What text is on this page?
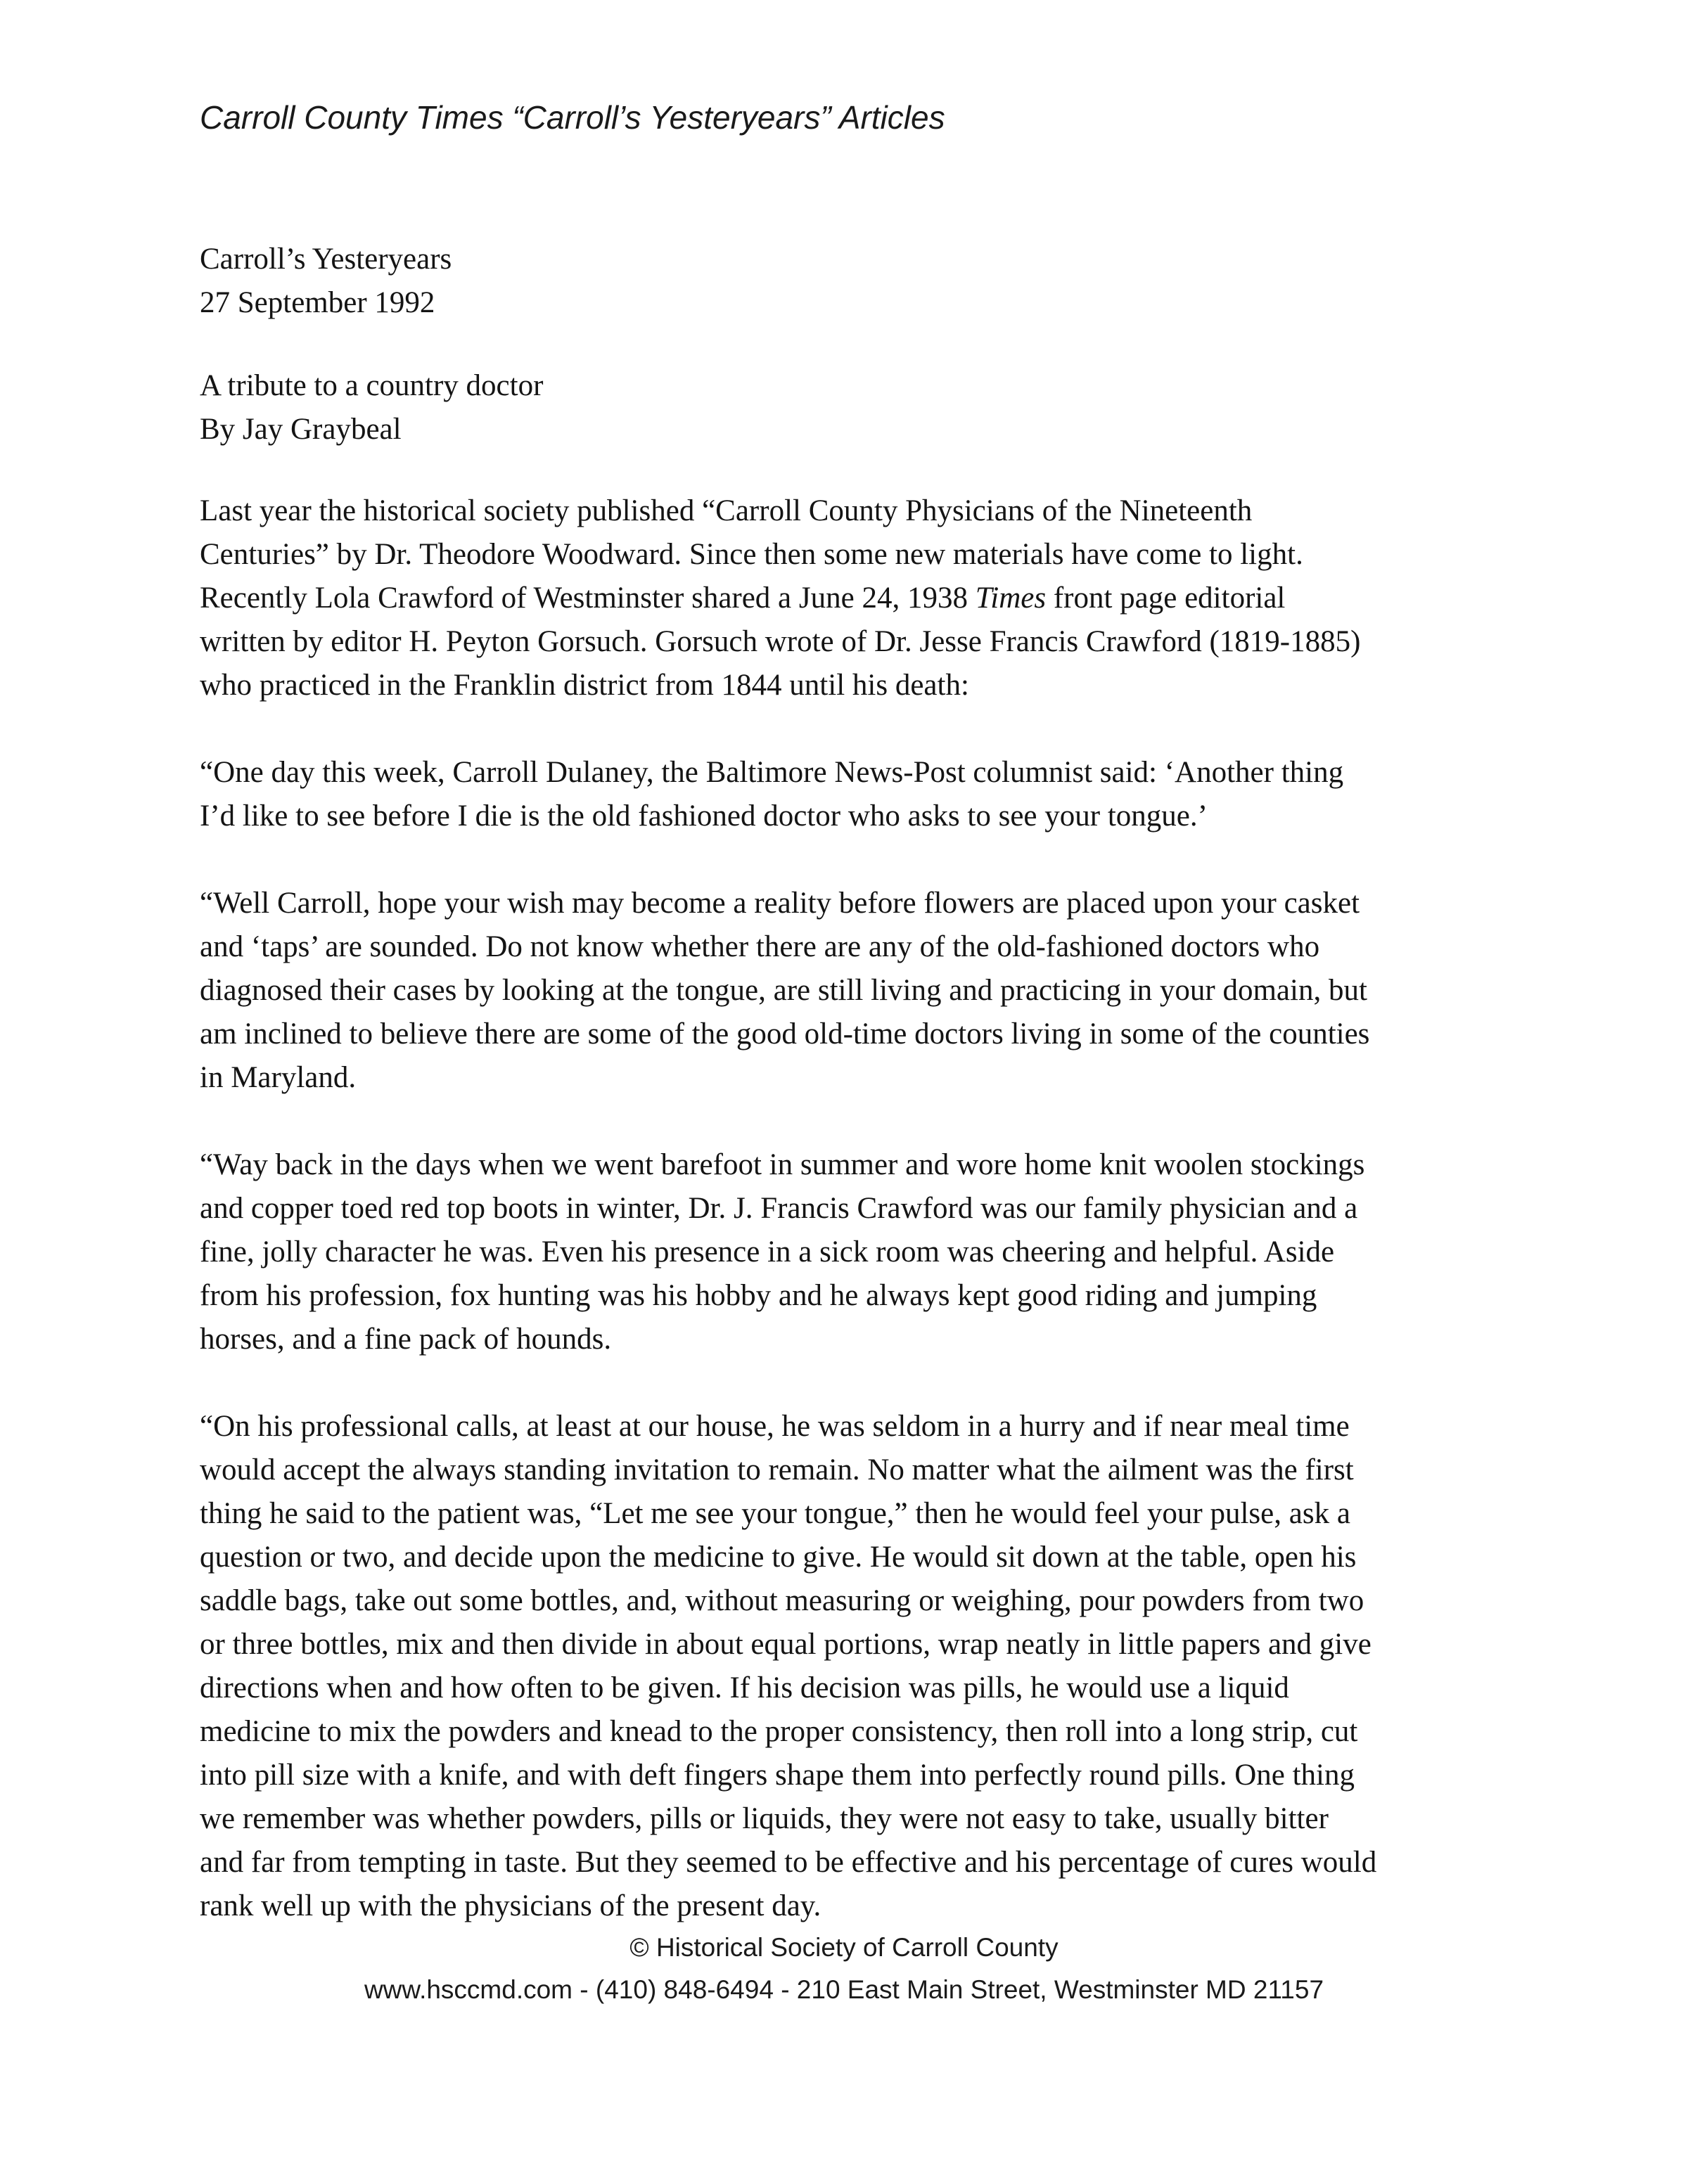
Carroll County Times “Carroll’s Yesteryears” Articles
Carroll’s Yesteryears
27 September 1992
A tribute to a country doctor
By Jay Graybeal
Last year the historical society published “Carroll County Physicians of the Nineteenth
Centuries” by Dr. Theodore Woodward. Since then some new materials have come to light.
Recently Lola Crawford of Westminster shared a June 24, 1938 Times front page editorial
written by editor H. Peyton Gorsuch. Gorsuch wrote of Dr. Jesse Francis Crawford (1819-1885)
who practiced in the Franklin district from 1844 until his death:
“One day this week, Carroll Dulaney, the Baltimore News-Post columnist said: ‘Another thing
I’d like to see before I die is the old fashioned doctor who asks to see your tongue.’
“Well Carroll, hope your wish may become a reality before flowers are placed upon your casket
and ‘taps’ are sounded. Do not know whether there are any of the old-fashioned doctors who
diagnosed their cases by looking at the tongue, are still living and practicing in your domain, but
am inclined to believe there are some of the good old-time doctors living in some of the counties
in Maryland.
“Way back in the days when we went barefoot in summer and wore home knit woolen stockings
and copper toed red top boots in winter, Dr. J. Francis Crawford was our family physician and a
fine, jolly character he was. Even his presence in a sick room was cheering and helpful. Aside
from his profession, fox hunting was his hobby and he always kept good riding and jumping
horses, and a fine pack of hounds.
“On his professional calls, at least at our house, he was seldom in a hurry and if near meal time
would accept the always standing invitation to remain. No matter what the ailment was the first
thing he said to the patient was, “Let me see your tongue,” then he would feel your pulse, ask a
question or two, and decide upon the medicine to give. He would sit down at the table, open his
saddle bags, take out some bottles, and, without measuring or weighing, pour powders from two
or three bottles, mix and then divide in about equal portions, wrap neatly in little papers and give
directions when and how often to be given. If his decision was pills, he would use a liquid
medicine to mix the powders and knead to the proper consistency, then roll into a long strip, cut
into pill size with a knife, and with deft fingers shape them into perfectly round pills. One thing
we remember was whether powders, pills or liquids, they were not easy to take, usually bitter
and far from tempting in taste. But they seemed to be effective and his percentage of cures would
rank well up with the physicians of the present day.
© Historical Society of Carroll County
www.hsccmd.com - (410) 848-6494 - 210 East Main Street, Westminster MD 21157
